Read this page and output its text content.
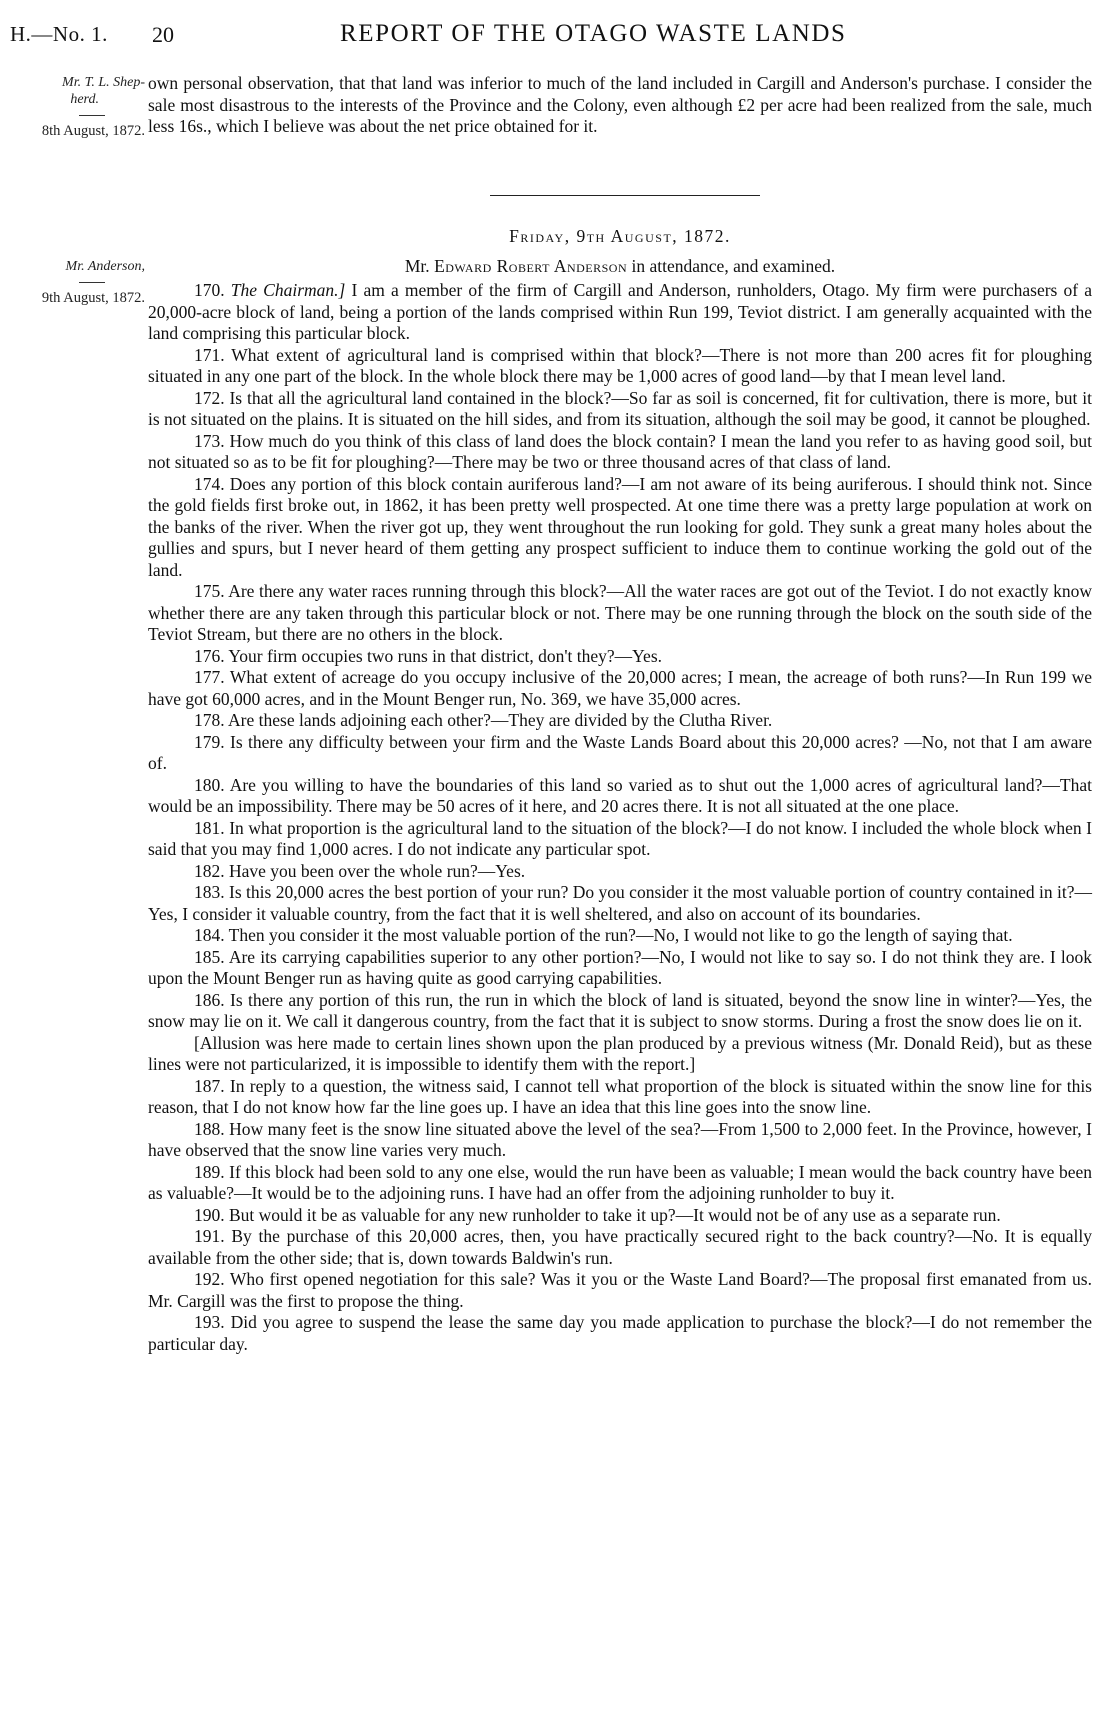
H.—No. 1. 20	REPORT OF THE OTAGO WASTE LANDS
Mr. T. L. Shep-
herd.
8th August, 1872.

own personal observation, that that land was inferior to much of the land included in Cargill and Anderson's purchase. I consider the sale most disastrous to the interests of the Province and the Colony, even although £2 per acre had been realized from the sale, much less 16s., which I believe was about the net price obtained for it.

Friday, 9th August, 1872.
Mr. Anderson,
9th August, 1872.
Mr. Edward Robert Anderson in attendance, and examined.

170. The Chairman.] I am a member of the firm of Cargill and Anderson, runholders, Otago. My firm were purchasers of a 20,000-acre block of land, being a portion of the lands comprised within Run 199, Teviot district. I am generally acquainted with the land comprising this particular block.

171. What extent of agricultural land is comprised within that block?—There is not more than 200 acres fit for ploughing situated in any one part of the block. In the whole block there may be 1,000 acres of good land—by that I mean level land.

172. Is that all the agricultural land contained in the block?—So far as soil is concerned, fit for cultivation, there is more, but it is not situated on the plains. It is situated on the hill sides, and from its situation, although the soil may be good, it cannot be ploughed.

173. How much do you think of this class of land does the block contain? I mean the land you refer to as having good soil, but not situated so as to be fit for ploughing?—There may be two or three thousand acres of that class of land.

174. Does any portion of this block contain auriferous land?—I am not aware of its being auriferous. I should think not. Since the gold fields first broke out, in 1862, it has been pretty well prospected. At one time there was a pretty large population at work on the banks of the river. When the river got up, they went throughout the run looking for gold. They sunk a great many holes about the gullies and spurs, but I never heard of them getting any prospect sufficient to induce them to continue working the gold out of the land.

175. Are there any water races running through this block?—All the water races are got out of the Teviot. I do not exactly know whether there are any taken through this particular block or not. There may be one running through the block on the south side of the Teviot Stream, but there are no others in the block.

176. Your firm occupies two runs in that district, don't they?—Yes.

177. What extent of acreage do you occupy inclusive of the 20,000 acres; I mean, the acreage of both runs?—In Run 199 we have got 60,000 acres, and in the Mount Benger run, No. 369, we have 35,000 acres.

178. Are these lands adjoining each other?—They are divided by the Clutha River.

179. Is there any difficulty between your firm and the Waste Lands Board about this 20,000 acres? —No, not that I am aware of.

180. Are you willing to have the boundaries of this land so varied as to shut out the 1,000 acres of agricultural land?—That would be an impossibility. There may be 50 acres of it here, and 20 acres there. It is not all situated at the one place.

181. In what proportion is the agricultural land to the situation of the block?—I do not know. I included the whole block when I said that you may find 1,000 acres. I do not indicate any particular spot.

182. Have you been over the whole run?—Yes.

183. Is this 20,000 acres the best portion of your run? Do you consider it the most valuable portion of country contained in it?—Yes, I consider it valuable country, from the fact that it is well sheltered, and also on account of its boundaries.

184. Then you consider it the most valuable portion of the run?—No, I would not like to go the length of saying that.

185. Are its carrying capabilities superior to any other portion?—No, I would not like to say so. I do not think they are. I look upon the Mount Benger run as having quite as good carrying capabilities.

186. Is there any portion of this run, the run in which the block of land is situated, beyond the snow line in winter?—Yes, the snow may lie on it. We call it dangerous country, from the fact that it is subject to snow storms. During a frost the snow does lie on it.

[Allusion was here made to certain lines shown upon the plan produced by a previous witness (Mr. Donald Reid), but as these lines were not particularized, it is impossible to identify them with the report.]

187. In reply to a question, the witness said, I cannot tell what proportion of the block is situated within the snow line for this reason, that I do not know how far the line goes up. I have an idea that this line goes into the snow line.

188. How many feet is the snow line situated above the level of the sea?—From 1,500 to 2,000 feet. In the Province, however, I have observed that the snow line varies very much.

189. If this block had been sold to any one else, would the run have been as valuable; I mean would the back country have been as valuable?—It would be to the adjoining runs. I have had an offer from the adjoining runholder to buy it.

190. But would it be as valuable for any new runholder to take it up?—It would not be of any use as a separate run.

191. By the purchase of this 20,000 acres, then, you have practically secured right to the back country?—No. It is equally available from the other side; that is, down towards Baldwin's run.

192. Who first opened negotiation for this sale? Was it you or the Waste Land Board?—The proposal first emanated from us. Mr. Cargill was the first to propose the thing.

193. Did you agree to suspend the lease the same day you made application to purchase the block?—I do not remember the particular day.
